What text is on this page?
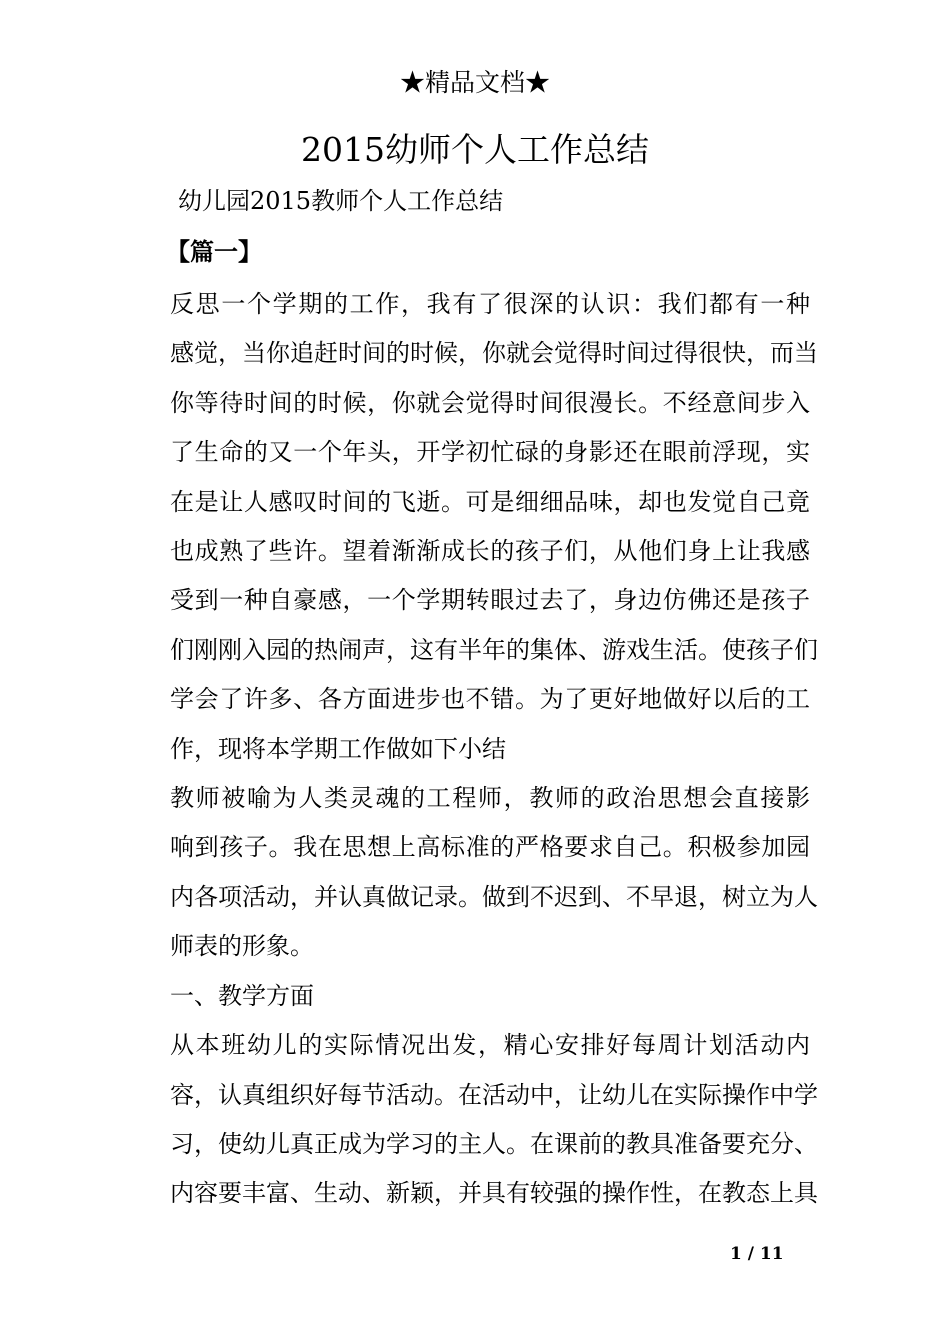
★精品文档★
2015幼师个人工作总结
幼儿园2015教师个人工作总结
【篇一】

反思一个学期的工作，我有了很深的认识：我们都有一种
感觉，当你追赶时间的时候，你就会觉得时间过得很快，而当
你等待时间的时候，你就会觉得时间很漫长。不经意间步入
了生命的又一个年头，开学初忙碌的身影还在眼前浮现，实
在是让人感叹时间的飞逝。可是细细品味，却也发觉自己竟
也成熟了些许。望着渐渐成长的孩子们，从他们身上让我感
受到一种自豪感，一个学期转眼过去了，身边仿佛还是孩子
们刚刚入园的热闹声，这有半年的集体、游戏生活。使孩子们
学会了许多、各方面进步也不错。为了更好地做好以后的工
作，现将本学期工作做如下小结

教师被喻为人类灵魂的工程师，教师的政治思想会直接影
响到孩子。我在思想上高标准的严格要求自己。积极参加园
内各项活动，并认真做记录。做到不迟到、不早退，树立为人
师表的形象。

一、教学方面

从本班幼儿的实际情况出发，精心安排好每周计划活动内
容，认真组织好每节活动。在活动中，让幼儿在实际操作中学
习，使幼儿真正成为学习的主人。在课前的教具准备要充分、
内容要丰富、生动、新颖，并具有较强的操作性，在教态上具

1 / 11
